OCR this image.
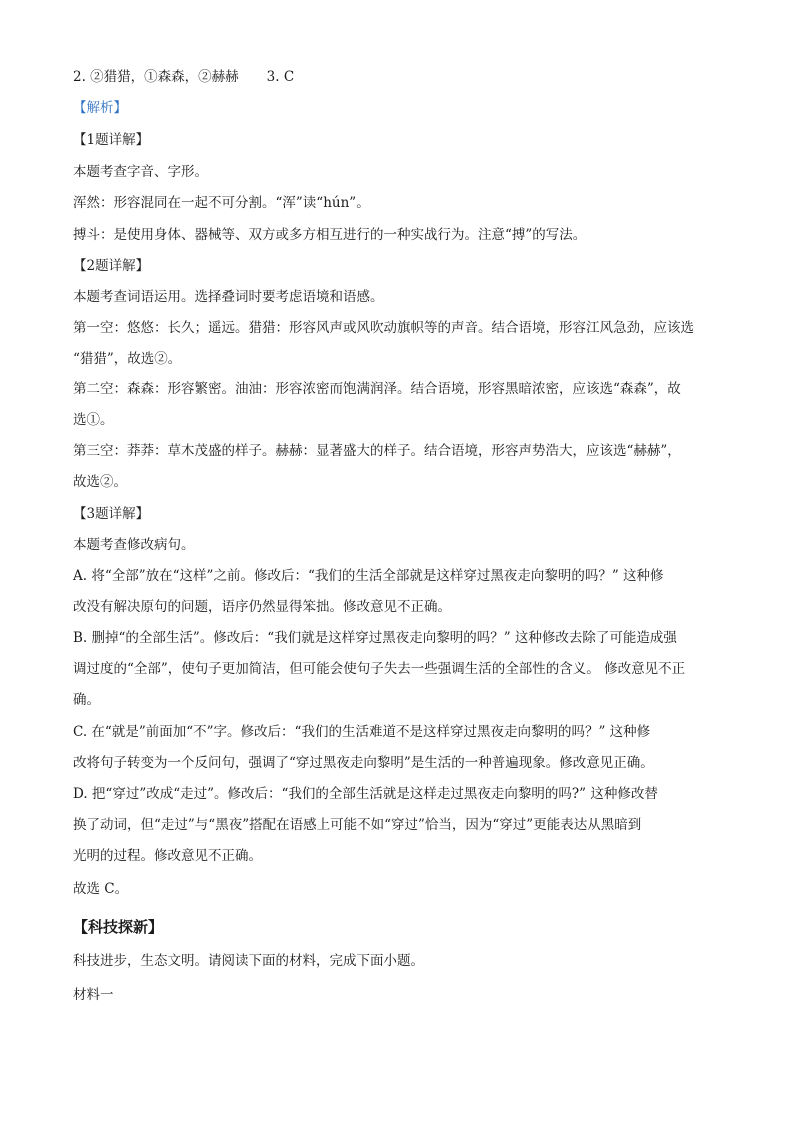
2. ②猎猎，①森森，②赫赫 3. C
【解析】
【1题详解】
本题考查字音、字形。
浑然：形容混同在一起不可分割。“浑”读“hún”。
搏斗：是使用身体、器械等、双方或多方相互进行的一种实战行为。注意“搏”的写法。
【2题详解】
本题考查词语运用。选择叠词时要考虑语境和语感。
第一空：悠悠：长久；遥远。猎猎：形容风声或风吹动旗帜等的声音。结合语境，形容江风急劲，应该选
“猎猎”，故选②。
第二空：森森：形容繁密。油油：形容浓密而饱满润泽。结合语境，形容黑暗浓密，应该选“森森”，故
选①。
第三空：莽莽：草木茂盛的样子。赫赫：显著盛大的样子。结合语境，形容声势浩大，应该选“赫赫”，
故选②。
【3题详解】
本题考查修改病句。
A. 将“全部”放在“这样”之前。修改后：“我们的生活全部就是这样穿过黑夜走向黎明的吗？” 这种修
改没有解决原句的问题，语序仍然显得笨拙。修改意见不正确。
B. 删掉“的全部生活”。修改后：“我们就是这样穿过黑夜走向黎明的吗？” 这种修改去除了可能造成强
调过度的“全部”，使句子更加简洁，但可能会使句子失去一些强调生活的全部性的含义。 修改意见不正
确。
C. 在“就是”前面加“不”字。修改后：“我们的生活难道不是这样穿过黑夜走向黎明的吗？” 这种修
改将句子转变为一个反问句，强调了“穿过黑夜走向黎明”是生活的一种普遍现象。修改意见正确。
D. 把“穿过”改成“走过”。修改后：“我们的全部生活就是这样走过黑夜走向黎明的吗?” 这种修改替
换了动词，但“走过”与“黑夜”搭配在语感上可能不如“穿过”恰当，因为“穿过”更能表达从黑暗到
光明的过程。修改意见不正确。
故选 C。
【科技探新】
科技进步，生态文明。请阅读下面的材料，完成下面小题。
材料一
